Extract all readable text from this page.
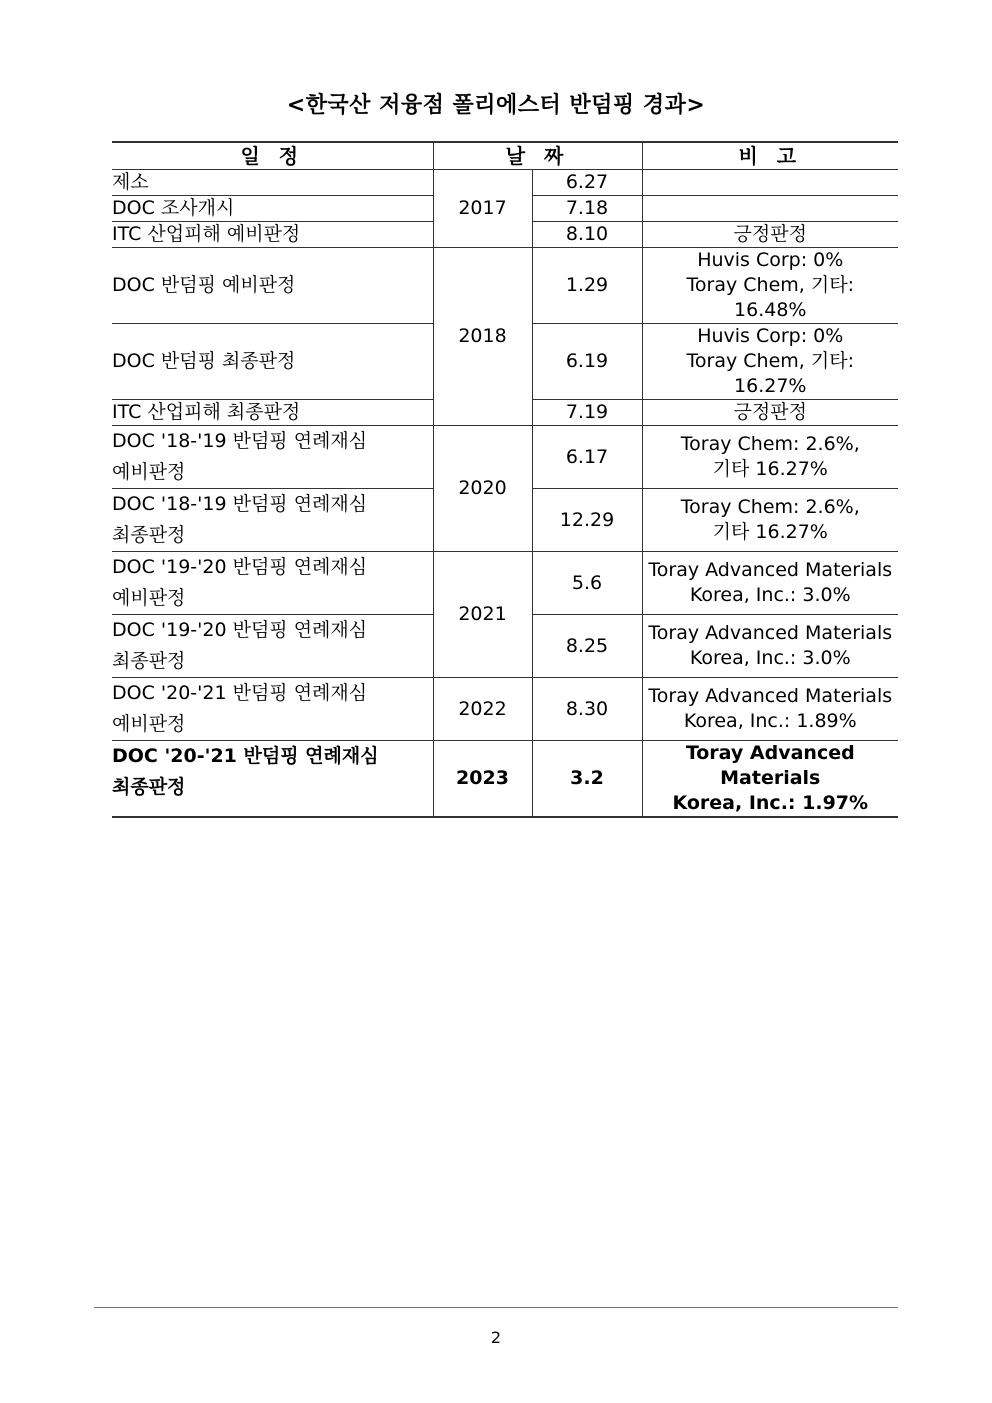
<한국산 저융점 폴리에스터 반덤핑 경과>
일 정	날 짜		비 고
제소	2017	6.27	
DOC 조사개시		7.18	
ITC 산업피해 예비판정		8.10	긍정판정
DOC 반덤핑 예비판정	2018	1.29	Huvis Corp: 0%
Toray Chem, 기타:
16.48%
DOC 반덤핑 최종판정		6.19	Huvis Corp: 0%
Toray Chem, 기타:
16.27%
ITC 산업피해 최종판정		7.19	긍정판정
DOC '18-'19 반덤핑 연례재심
예비판정	2020	6.17	Toray Chem: 2.6%,
기타 16.27%
DOC '18-'19 반덤핑 연례재심
최종판정		12.29	Toray Chem: 2.6%,
기타 16.27%
DOC '19-'20 반덤핑 연례재심
예비판정	2021	5.6	Toray Advanced Materials
Korea, Inc.: 3.0%
DOC '19-'20 반덤핑 연례재심
최종판정		8.25	Toray Advanced Materials
Korea, Inc.: 3.0%
DOC '20-'21 반덤핑 연례재심
예비판정	2022	8.30	Toray Advanced Materials
Korea, Inc.: 1.89%
DOC '20-'21 반덤핑 연례재심
최종판정	2023	3.2	Toray Advanced Materials
Korea, Inc.: 1.97%
2
